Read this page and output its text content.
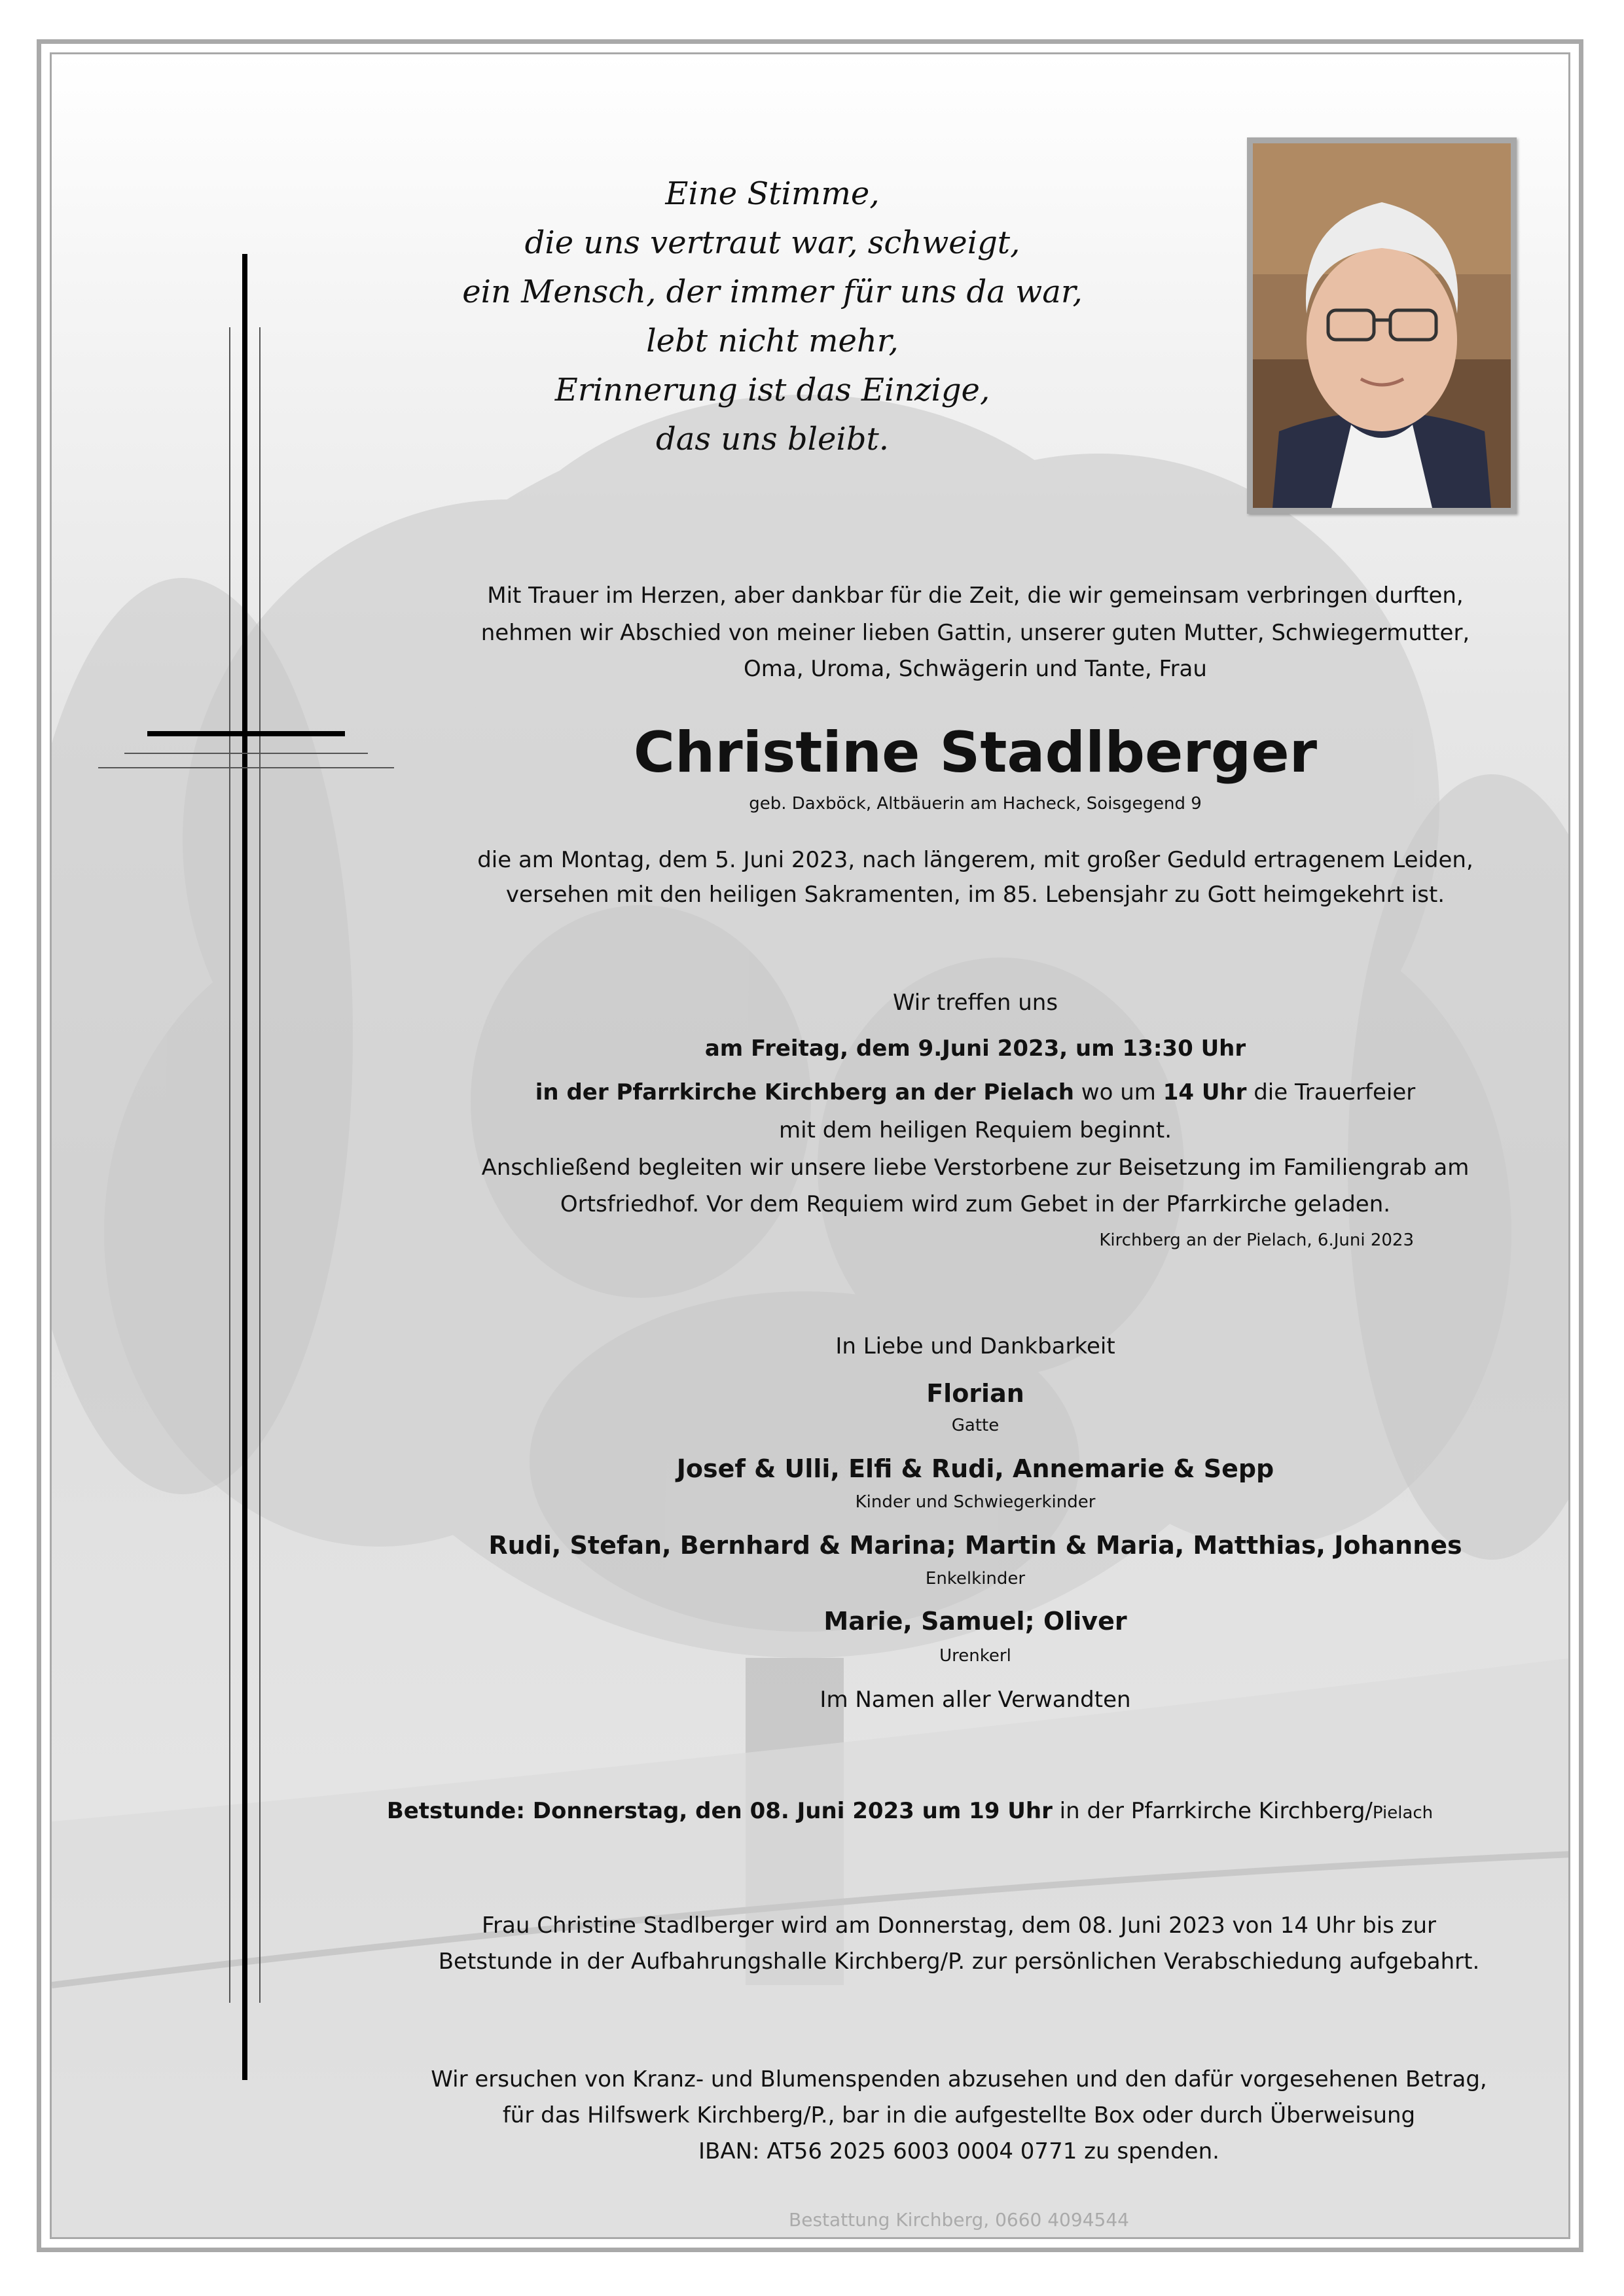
Eine Stimme,
die uns vertraut war, schweigt,
ein Mensch, der immer für uns da war,
lebt nicht mehr,
Erinnerung ist das Einzige,
das uns bleibt.
Mit Trauer im Herzen, aber dankbar für die Zeit, die wir gemeinsam verbringen durften,
nehmen wir Abschied von meiner lieben Gattin, unserer guten Mutter, Schwiegermutter,
Oma, Uroma, Schwägerin und Tante, Frau
Christine Stadlberger
geb. Daxböck, Altbäuerin am Hacheck, Soisgegend 9
die am Montag, dem 5. Juni 2023, nach längerem, mit großer Geduld ertragenem Leiden,
versehen mit den heiligen Sakramenten, im 85. Lebensjahr zu Gott heimgekehrt ist.
Wir treffen uns
am Freitag, dem 9.Juni 2023, um 13:30 Uhr
in der Pfarrkirche Kirchberg an der Pielach wo um 14 Uhr die Trauerfeier
mit dem heiligen Requiem beginnt.
Anschließend begleiten wir unsere liebe Verstorbene zur Beisetzung im Familiengrab am
Ortsfriedhof. Vor dem Requiem wird zum Gebet in der Pfarrkirche geladen.
Kirchberg an der Pielach, 6.Juni 2023
In Liebe und Dankbarkeit
Florian
Gatte
Josef & Ulli, Elfi & Rudi, Annemarie & Sepp
Kinder und Schwiegerkinder
Rudi, Stefan, Bernhard & Marina; Martin & Maria, Matthias, Johannes
Enkelkinder
Marie, Samuel; Oliver
Urenkerl
Im Namen aller Verwandten
Betstunde: Donnerstag, den 08. Juni 2023 um 19 Uhr in der Pfarrkirche Kirchberg/Pielach
Frau Christine Stadlberger wird am Donnerstag, dem 08. Juni 2023 von 14 Uhr bis zur
Betstunde in der Aufbahrungshalle Kirchberg/P. zur persönlichen Verabschiedung aufgebahrt.
Wir ersuchen von Kranz- und Blumenspenden abzusehen und den dafür vorgesehenen Betrag,
für das Hilfswerk Kirchberg/P., bar in die aufgestellte Box oder durch Überweisung
IBAN: AT56 2025 6003 0004 0771 zu spenden.
Bestattung Kirchberg, 0660 4094544
